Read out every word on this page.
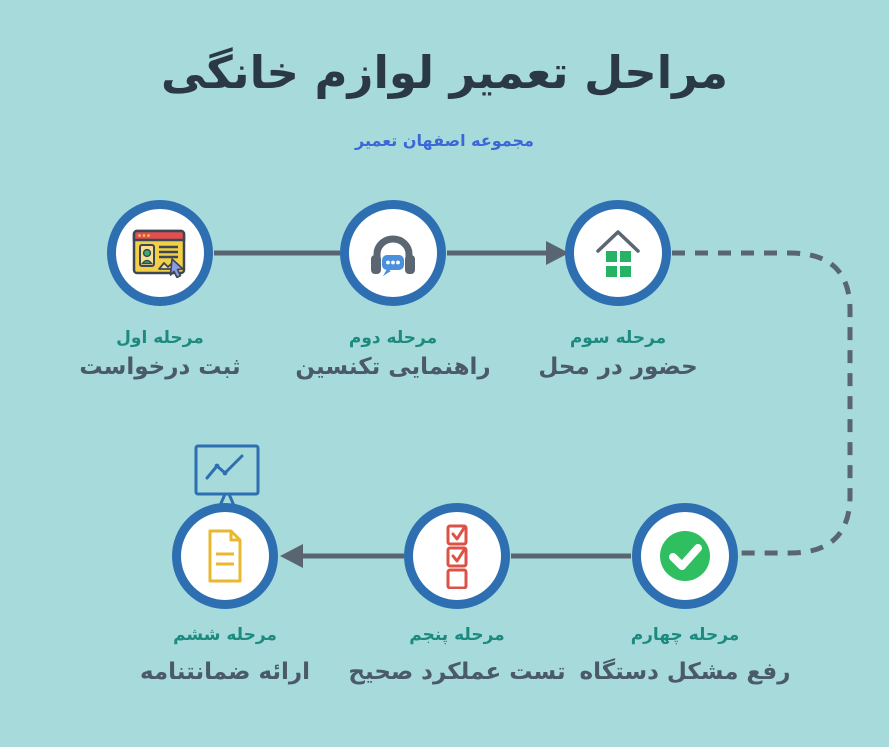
مراحل تعمیر لوازم خانگی
مجموعه اصفهان تعمیر
مرحله اول
ثبت درخواست
مرحله دوم
راهنمایی تکنسین
مرحله سوم
حضور در محل
مرحله چهارم
رفع مشکل دستگاه
مرحله پنجم
تست عملکرد صحیح
مرحله ششم
ارائه ضمانتنامه
